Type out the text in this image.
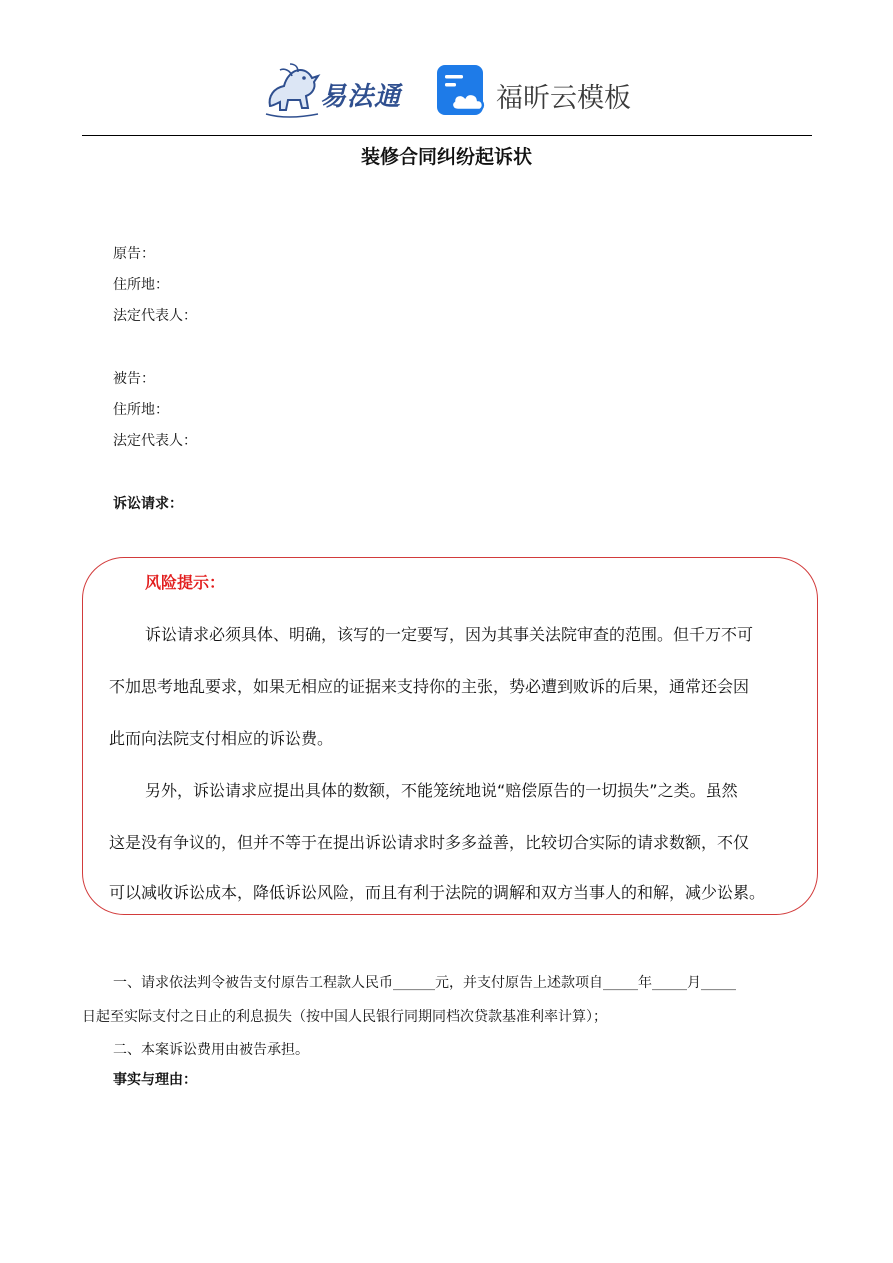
易法通	福昕云模板
装修合同纠纷起诉状
原告：
住所地：
法定代表人：
被告：
住所地：
法定代表人：
诉讼请求：
风险提示：
诉讼请求必须具体、明确，该写的一定要写，因为其事关法院审查的范围。但千万不可
不加思考地乱要求，如果无相应的证据来支持你的主张，势必遭到败诉的后果，通常还会因
此而向法院支付相应的诉讼费。
另外，诉讼请求应提出具体的数额，不能笼统地说“赔偿原告的一切损失”之类。虽然
这是没有争议的，但并不等于在提出诉讼请求时多多益善，比较切合实际的请求数额，不仅
可以减收诉讼成本，降低诉讼风险，而且有利于法院的调解和双方当事人的和解，减少讼累。
一、请求依法判令被告支付原告工程款人民币______元，并支付原告上述款项自_____年_____月_____
日起至实际支付之日止的利息损失（按中国人民银行同期同档次贷款基准利率计算）；
二、本案诉讼费用由被告承担。
事实与理由：
